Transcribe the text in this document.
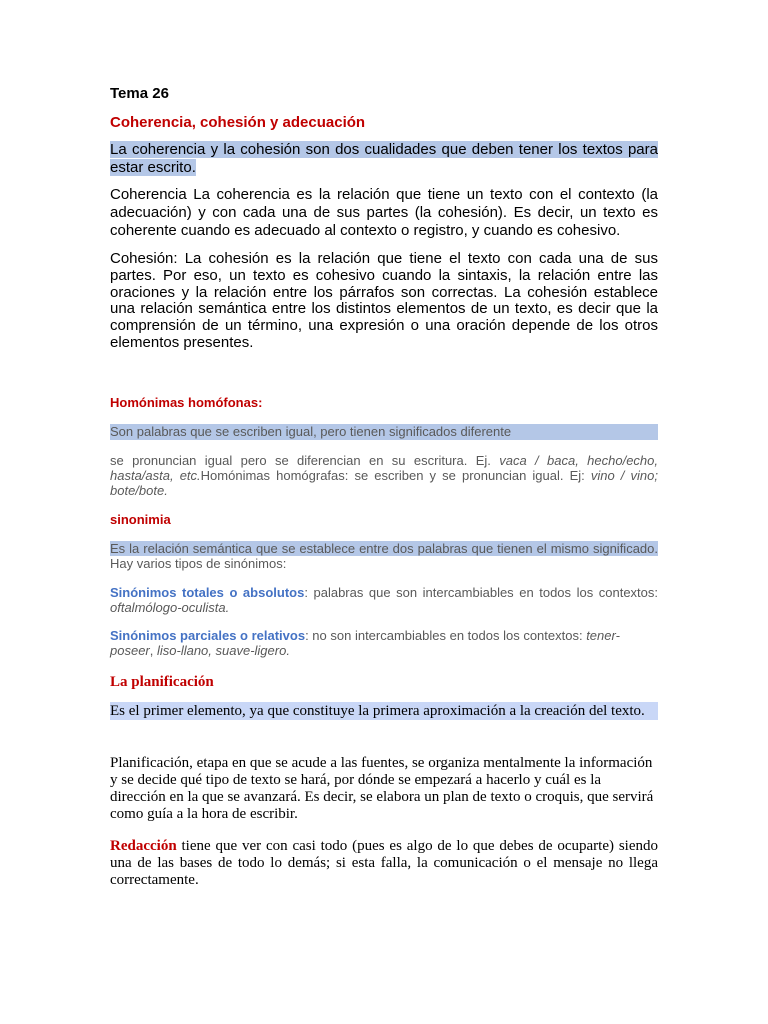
Tema 26
Coherencia, cohesión y adecuación
La coherencia y la cohesión son dos cualidades que deben tener los textos para estar escrito.
Coherencia La coherencia es la relación que tiene un texto con el contexto (la adecuación) y con cada una de sus partes (la cohesión). Es decir, un texto es coherente cuando es adecuado al contexto o registro, y cuando es cohesivo.
Cohesión: La cohesión es la relación que tiene el texto con cada una de sus partes. Por eso, un texto es cohesivo cuando la sintaxis, la relación entre las oraciones y la relación entre los párrafos son correctas. La cohesión establece una relación semántica entre los distintos elementos de un texto, es decir que la comprensión de un término, una expresión o una oración depende de los otros elementos presentes.
Homónimas homófonas:
Son palabras que se escriben igual, pero tienen significados diferente
se pronuncian igual pero se diferencian en su escritura. Ej. vaca / baca, hecho/echo, hasta/asta, etc.Homónimas homógrafas: se escriben y se pronuncian igual. Ej: vino / vino; bote/bote.
sinonimia
Es la relación semántica que se establece entre dos palabras que tienen el mismo significado. Hay varios tipos de sinónimos:
Sinónimos totales o absolutos: palabras que son intercambiables en todos los contextos: oftalmólogo-oculista.
Sinónimos parciales o relativos: no son intercambiables en todos los contextos: tener-poseer, liso-llano, suave-ligero.
La planificación
Es el primer elemento, ya que constituye la primera aproximación a la creación del texto.
Planificación, etapa en que se acude a las fuentes, se organiza mentalmente la información y se decide qué tipo de texto se hará, por dónde se empezará a hacerlo y cuál es la dirección en la que se avanzará. Es decir, se elabora un plan de texto o croquis, que servirá como guía a la hora de escribir.
Redacción tiene que ver con casi todo (pues es algo de lo que debes de ocuparte) siendo una de las bases de todo lo demás; si esta falla, la comunicación o el mensaje no llega correctamente.
